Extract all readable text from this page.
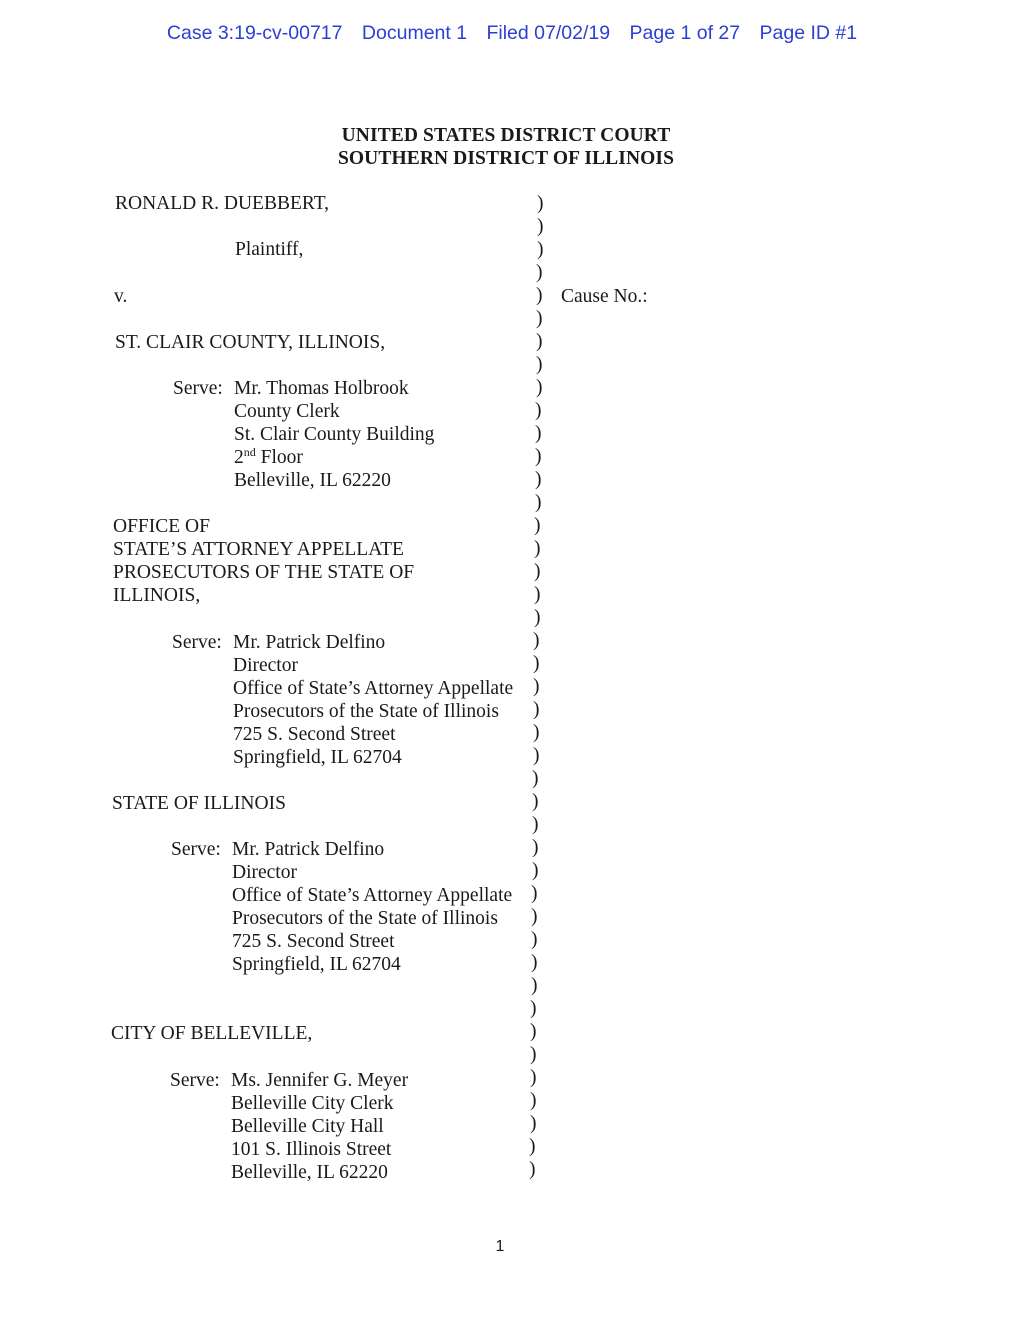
Case 3:19-cv-00717 Document 1 Filed 07/02/19 Page 1 of 27 Page ID #1
UNITED STATES DISTRICT COURT
SOUTHERN DISTRICT OF ILLINOIS
RONALD R. DUEBBERT,
Plaintiff,
v.	Cause No.:
ST. CLAIR COUNTY, ILLINOIS,
Serve: Mr. Thomas Holbrook
County Clerk
St. Clair County Building
2nd Floor
Belleville, IL 62220
OFFICE OF
STATE’S ATTORNEY APPELLATE
PROSECUTORS OF THE STATE OF
ILLINOIS,
Serve: Mr. Patrick Delfino
Director
Office of State’s Attorney Appellate
Prosecutors of the State of Illinois
725 S. Second Street
Springfield, IL 62704
STATE OF ILLINOIS
Serve: Mr. Patrick Delfino
Director
Office of State’s Attorney Appellate
Prosecutors of the State of Illinois
725 S. Second Street
Springfield, IL 62704
CITY OF BELLEVILLE,
Serve: Ms. Jennifer G. Meyer
Belleville City Clerk
Belleville City Hall
101 S. Illinois Street
Belleville, IL 62220
)
)
)
)
)
)
)
)
)
)
)
)
)
)
)
)
)
)
)
)
)
)
)
)
)
)
)
)
)
)
)
)
)
)
)
)
)
)
)
)
)
)
)
1
